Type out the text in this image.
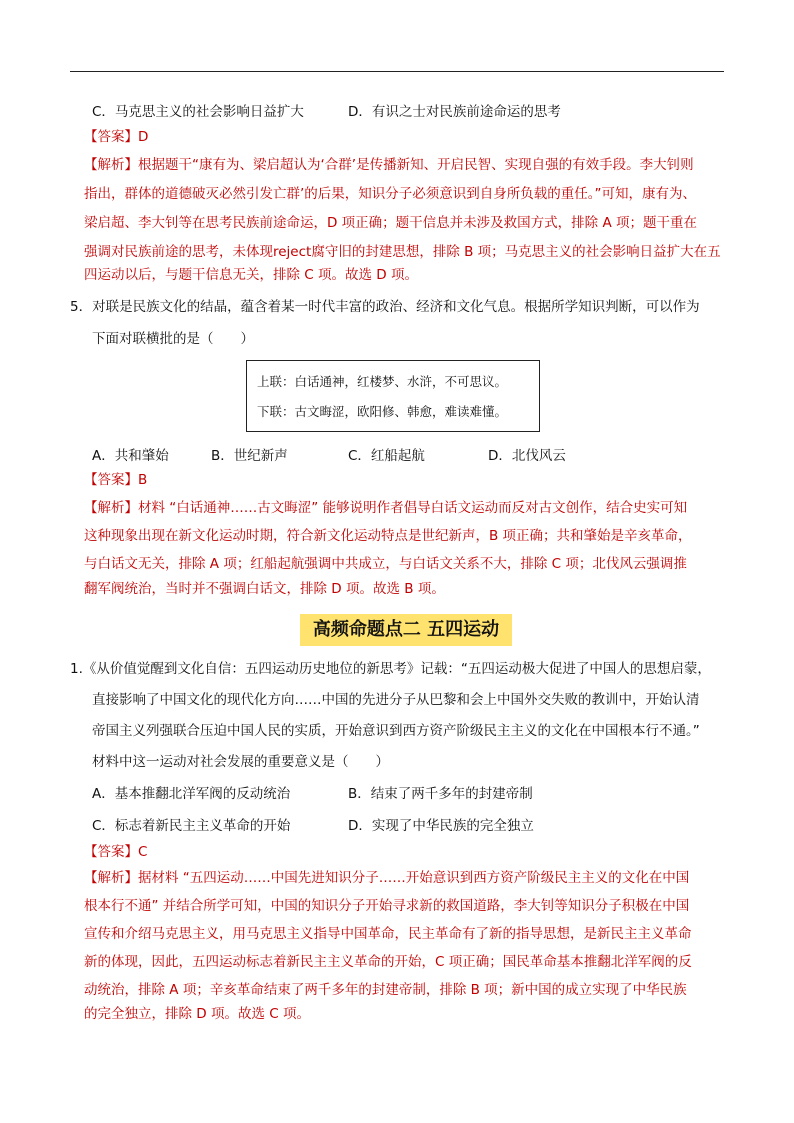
C．马克思主义的社会影响日益扩大	D．有识之士对民族前途命运的思考
【答案】D
【解析】根据题干“康有为、梁启超认为‘合群’是传播新知、开启民智、实现自强的有效手段。李大钊则
指出，群体的道德破灭必然引发亡群’的后果，知识分子必须意识到自身所负载的重任。”可知，康有为、
梁启超、李大钊等在思考民族前途命运，D 项正确；题干信息并未涉及救国方式，排除 A 项；题干重在
强调对民族前途的思考，未体现reject腐守旧的封建思想，排除 B 项；马克思主义的社会影响日益扩大在五
四运动以后，与题干信息无关，排除 C 项。故选 D 项。
5．对联是民族文化的结晶，蕴含着某一时代丰富的政治、经济和文化气息。根据所学知识判断，可以作为
下面对联横批的是（　　）
上联：白话通神，红楼梦、水浒，不可思议。
下联：古文晦涩，欧阳修、韩愈，难读难懂。
A．共和肇始	B．世纪新声	C．红船起航	D．北伐风云
【答案】B
【解析】材料 “白话通神……古文晦涩” 能够说明作者倡导白话文运动而反对古文创作，结合史实可知
这种现象出现在新文化运动时期，符合新文化运动特点是世纪新声，B 项正确；共和肇始是辛亥革命，
与白话文无关，排除 A 项；红船起航强调中共成立，与白话文关系不大，排除 C 项；北伐风云强调推
翻军阀统治，当时并不强调白话文，排除 D 项。故选 B 项。
高频命题点二 五四运动
1.《从价值觉醒到文化自信：五四运动历史地位的新思考》记载：“五四运动极大促进了中国人的思想启蒙，
直接影响了中国文化的现代化方向……中国的先进分子从巴黎和会上中国外交失败的教训中，开始认清
帝国主义列强联合压迫中国人民的实质，开始意识到西方资产阶级民主主义的文化在中国根本行不通。”
材料中这一运动对社会发展的重要意义是（　　）
A．基本推翻北洋军阀的反动统治	B．结束了两千多年的封建帝制
C．标志着新民主主义革命的开始	D．实现了中华民族的完全独立
【答案】C
【解析】据材料 “五四运动……中国先进知识分子……开始意识到西方资产阶级民主主义的文化在中国
根本行不通” 并结合所学可知，中国的知识分子开始寻求新的救国道路，李大钊等知识分子积极在中国
宣传和介绍马克思主义，用马克思主义指导中国革命，民主革命有了新的指导思想，是新民主主义革命
新的体现，因此，五四运动标志着新民主主义革命的开始，C 项正确；国民革命基本推翻北洋军阀的反
动统治，排除 A 项；辛亥革命结束了两千多年的封建帝制，排除 B 项；新中国的成立实现了中华民族
的完全独立，排除 D 项。故选 C 项。
